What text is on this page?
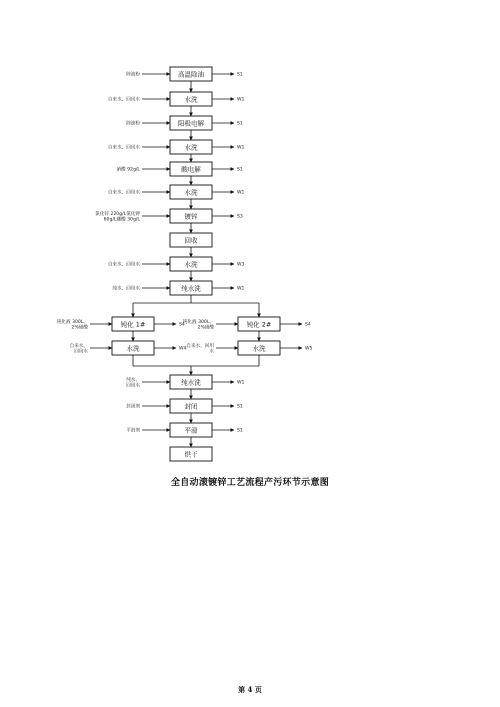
高温除油
除油粉	S1
水洗
自来水、回用水	W1
阳极电解
除油粉	S1
水洗
自来水、回用水	W1
酸电解
硝酸 92g/L	S1
水洗
自来水、回用水	W1
镀锌
氯化锌 220g/L氯化钾
60g/L硼酸 30g/L
S3
回收
水洗
自来水、回用水	W3
纯水洗
纯水、回用水	W1
钝化 1#
钝化液 300L、
2%硝酸
S4	钝化 2#
钝化液 300L、
2%硝酸
S4
水洗
自来水、
回用水
W4	水洗
自来水、回用
水
W5
纯水洗
纯水、
回用水
W1
封闭
封闭剂	S1
平滑
平滑剂	S1
烘干
全自动滚镀锌工艺流程产污环节示意图
第 4 页
